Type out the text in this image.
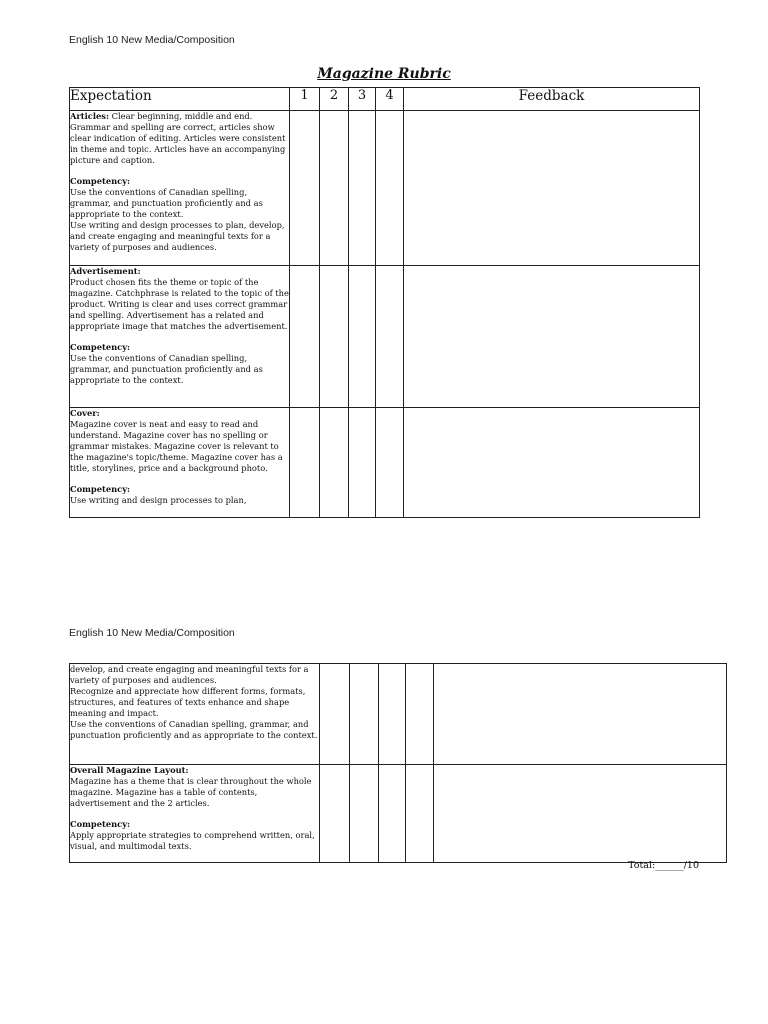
English 10 New Media/Composition
Magazine Rubric
Expectation	1	2	3	4	Feedback

Articles: Clear beginning, middle and end. Grammar and spelling are correct, articles show clear indication of editing. Articles were consistent in theme and topic. Articles have an accompanying picture and caption.
Competency:
Use the conventions of Canadian spelling, grammar, and punctuation proficiently and as appropriate to the context.
Use writing and design processes to plan, develop, and create engaging and meaningful texts for a variety of purposes and audiences.					

Advertisement:
Product chosen fits the theme or topic of the magazine. Catchphrase is related to the topic of the product. Writing is clear and uses correct grammar and spelling. Advertisement has a related and appropriate image that matches the advertisement.
Competency:
Use the conventions of Canadian spelling, grammar, and punctuation proficiently and as appropriate to the context.					

Cover:
Magazine cover is neat and easy to read and understand. Magazine cover has no spelling or grammar mistakes. Magazine cover is relevant to the magazine's topic/theme. Magazine cover has a title, storylines, price and a background photo.
Competency:
Use writing and design processes to plan,					

English 10 New Media/Composition
develop, and create engaging and meaningful texts for a variety of purposes and audiences.
Recognize and appreciate how different forms, formats, structures, and features of texts enhance and shape meaning and impact.
Use the conventions of Canadian spelling, grammar, and punctuation proficiently and as appropriate to the context.					

Overall Magazine Layout:
Magazine has a theme that is clear throughout the whole magazine. Magazine has a table of contents, advertisement and the 2 articles.
Competency:
Apply appropriate strategies to comprehend written, oral, visual, and multimodal texts.					

Total:______/10
